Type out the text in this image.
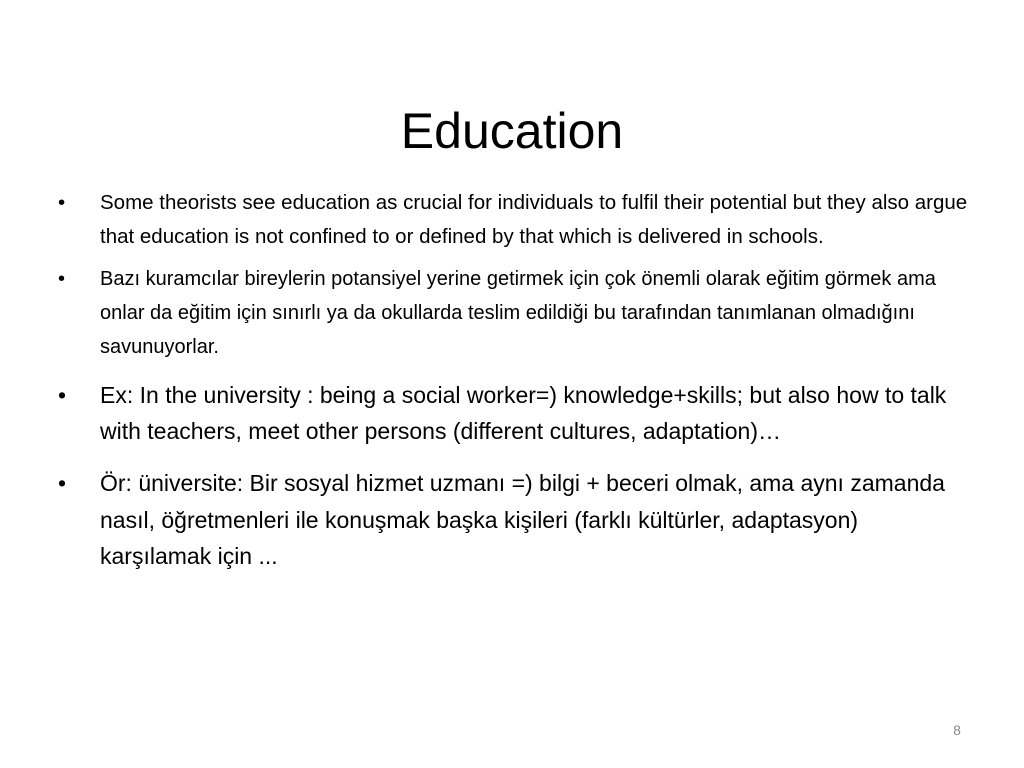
Education
• Some theorists see education as crucial for individuals to fulfil their potential but they also argue that education is not confined to or defined by that which is delivered in schools.
• Bazı kuramcılar bireylerin potansiyel yerine getirmek için çok önemli olarak eğitim görmek ama onlar da eğitim için sınırlı ya da okullarda teslim edildiği bu tarafından tanımlanan olmadığını savunuyorlar.
• Ex: In the university : being a social worker=) knowledge+skills; but also how to talk with teachers, meet other persons (different cultures, adaptation)…
• Ör: üniversite: Bir sosyal hizmet uzmanı =) bilgi + beceri olmak, ama aynı zamanda nasıl, öğretmenleri ile konuşmak başka kişileri (farklı kültürler, adaptasyon) karşılamak için ...
8
